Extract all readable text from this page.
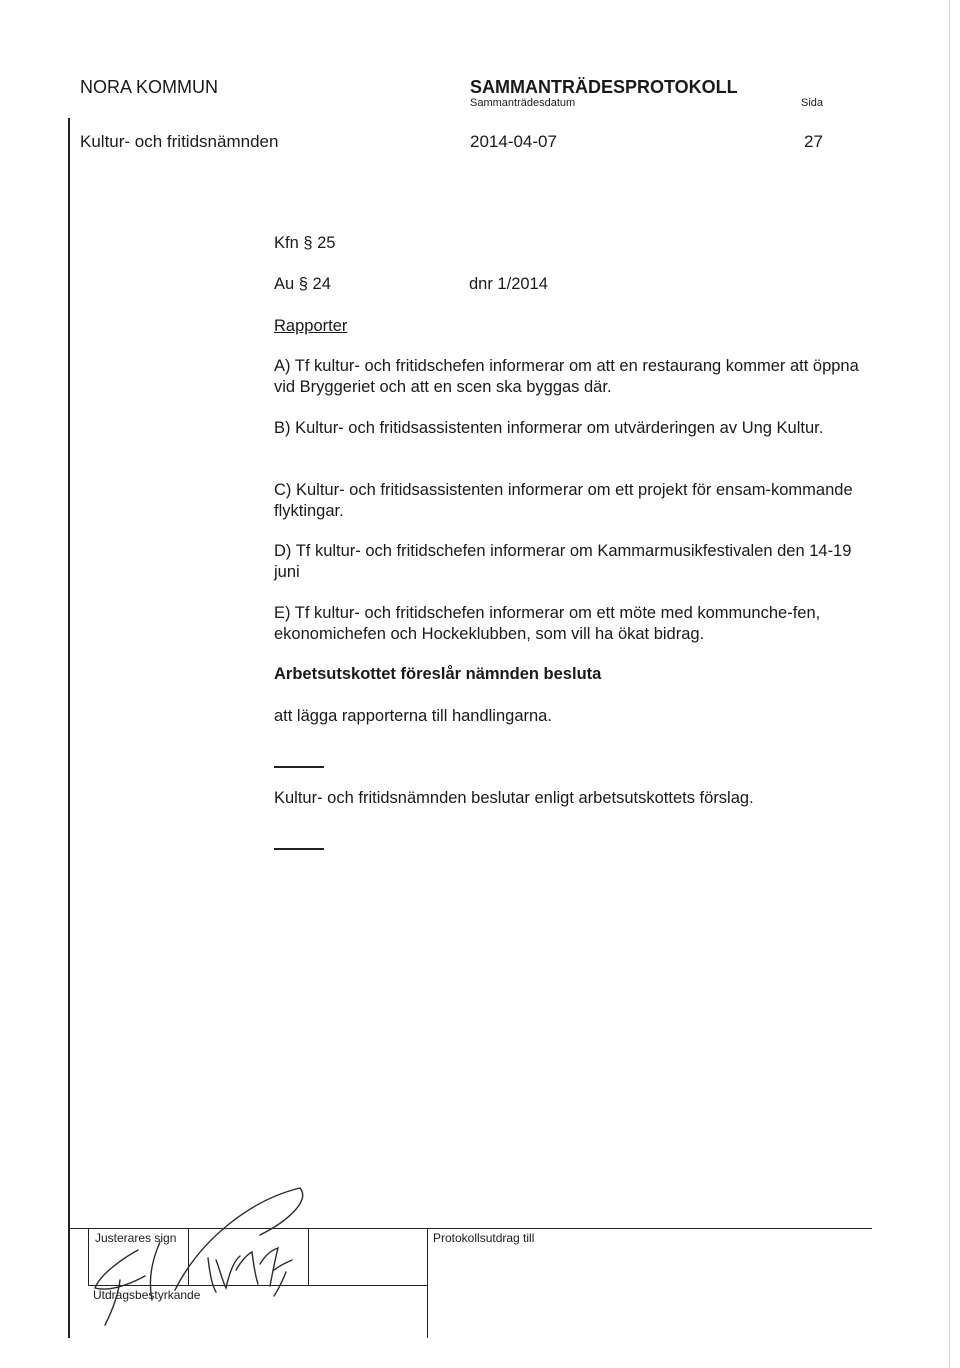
NORA KOMMUN	SAMMANTRÄDESPROTOKOLL
Sammanträdesdatum	Sida
Kultur- och fritidsnämnden	2014-04-07	27
Kfn § 25
Au § 24	dnr 1/2014
Rapporter
A) Tf kultur- och fritidschefen informerar om att en restaurang kommer att öppna vid Bryggeriet och att en scen ska byggas där.
B) Kultur- och fritidsassistenten informerar om utvärderingen av Ung Kultur.
C) Kultur- och fritidsassistenten informerar om ett projekt för ensam-kommande flyktingar.
D) Tf kultur- och fritidschefen informerar om Kammarmusikfestivalen den 14-19 juni
E) Tf kultur- och fritidschefen informerar om ett möte med kommunche-fen, ekonomichefen och Hockeklubben, som vill ha ökat bidrag.
Arbetsutskottet föreslår nämnden besluta
att lägga rapporterna till handlingarna.
Kultur- och fritidsnämnden beslutar enligt arbetsutskottets förslag.
Justerares sign
Utdragsbestyrkande
Protokollsutdrag till
